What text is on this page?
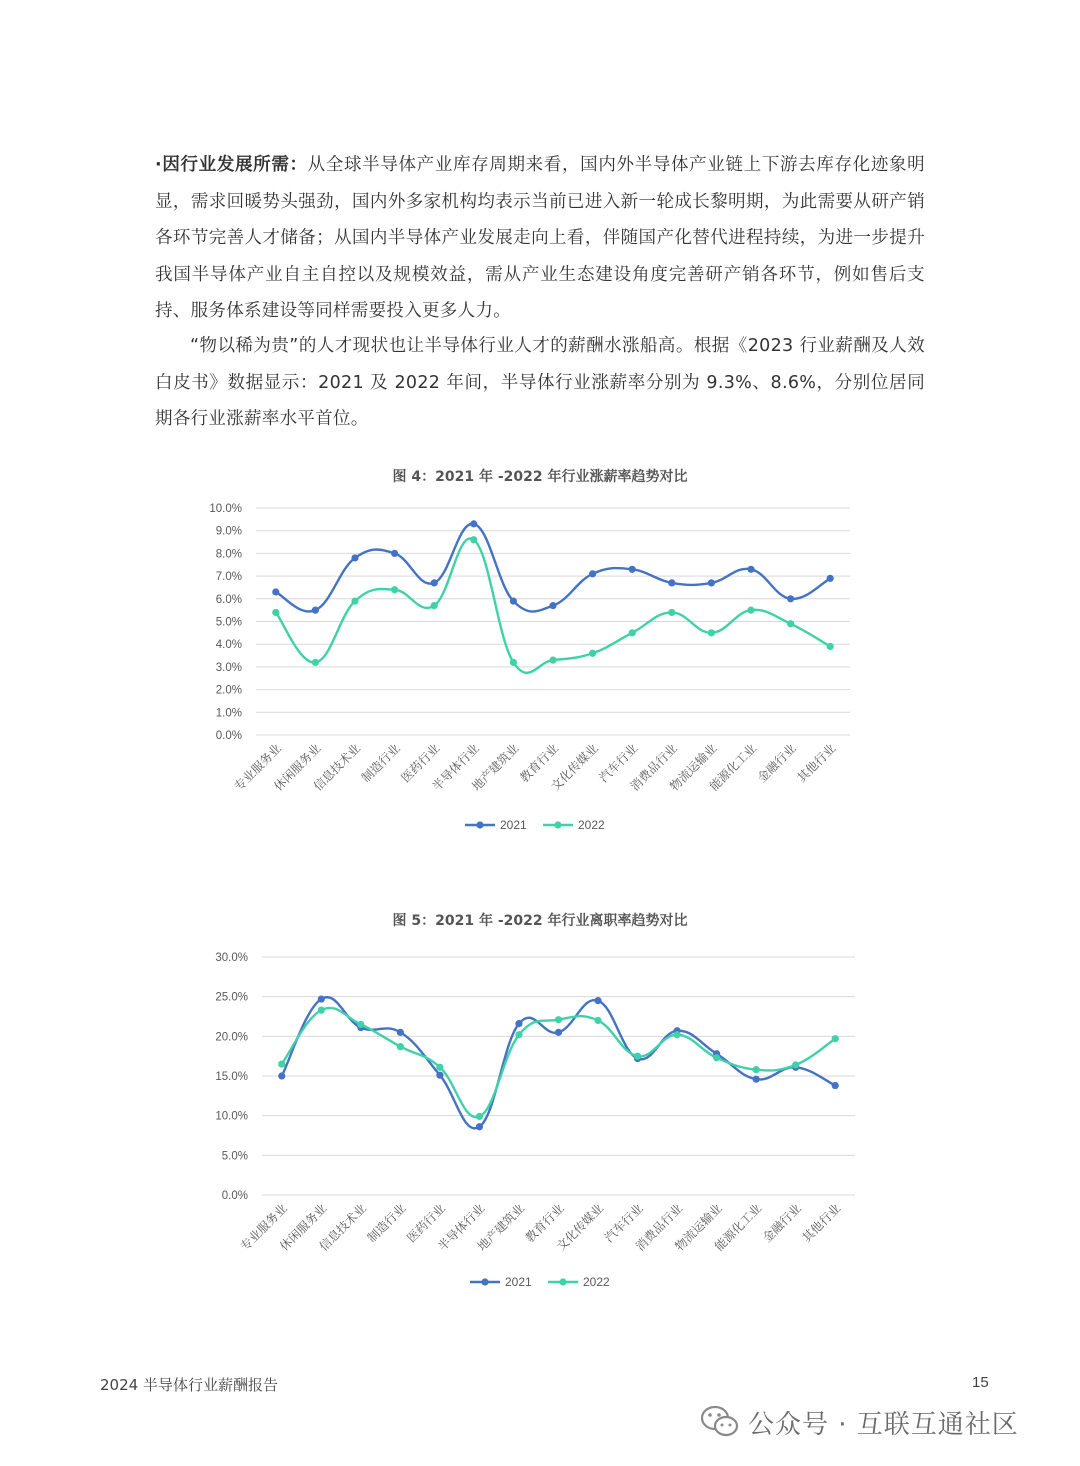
·因行业发展所需：从全球半导体产业库存周期来看，国内外半导体产业链上下游去库存化迹象明显，需求回暖势头强劲，国内外多家机构均表示当前已进入新一轮成长黎明期，为此需要从研产销各环节完善人才储备；从国内半导体产业发展走向上看，伴随国产化替代进程持续，为进一步提升我国半导体产业自主自控以及规模效益，需从产业生态建设角度完善研产销各环节，例如售后支持、服务体系建设等同样需要投入更多人力。
“物以稀为贵”的人才现状也让半导体行业人才的薪酬水涨船高。根据《2023 行业薪酬及人效白皮书》数据显示：2021 及 2022 年间，半导体行业涨薪率分别为 9.3%、8.6%，分别位居同期各行业涨薪率水平首位。
图 4：2021 年 -2022 年行业涨薪率趋势对比
0.0%
1.0%
2.0%
3.0%
4.0%
5.0%
6.0%
7.0%
8.0%
9.0%
10.0%
专业服务业
休闲服务业
信息技术业
制造行业
医药行业
半导体行业
地产建筑业
教育行业
文化传媒业
汽车行业
消费品行业
物流运输业
能源化工业
金融行业
其他行业
2021	2022
图 5：2021 年 -2022 年行业离职率趋势对比
0.0%
5.0%
10.0%
15.0%
20.0%
25.0%
30.0%
专业服务业
休闲服务业
信息技术业
制造行业
医药行业
半导体行业
地产建筑业
教育行业
文化传媒业
汽车行业
消费品行业
物流运输业
能源化工业
金融行业
其他行业
2021	2022
2024 半导体行业薪酬报告	15
公众号 · 互联互通社区
